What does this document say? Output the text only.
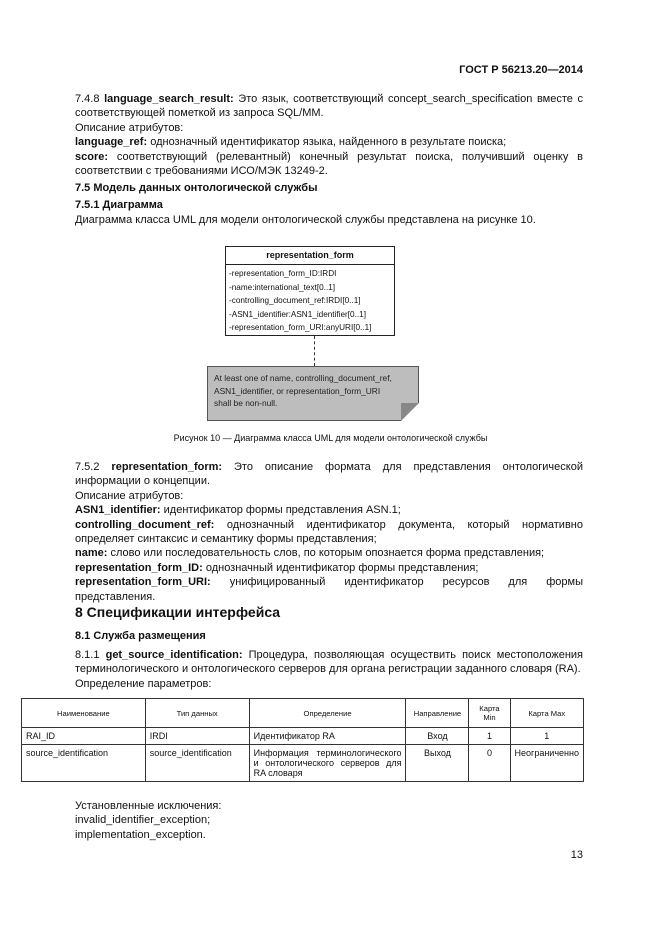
ГОСТ Р 56213.20—2014
7.4.8 language_search_result: Это язык, соответствующий concept_search_specification вместе с соответствующей пометкой из запроса SQL/MM.
Описание атрибутов:
language_ref: однозначный идентификатор языка, найденного в результате поиска;
score: соответствующий (релевантный) конечный результат поиска, получивший оценку в соответствии с требованиями ИСО/МЭК 13249-2.
7.5 Модель данных онтологической службы
7.5.1 Диаграмма
Диаграмма класса UML для модели онтологической службы представлена на рисунке 10.
representation_form
-representation_form_ID:IRDI
-name:international_text[0..1]
-controlling_document_ref:IRDI[0..1]
-ASN1_identifier:ASN1_identifier[0..1]
-representation_form_URI:anyURI[0..1]
At least one of name, controlling_document_ref,
ASN1_identifier, or representation_form_URI
shall be non-null.
Рисунок 10 — Диаграмма класса UML для модели онтологической службы
7.5.2 representation_form: Это описание формата для представления онтологической информации о концепции.
Описание атрибутов:
ASN1_identifier: идентификатор формы представления ASN.1;
controlling_document_ref: однозначный идентификатор документа, который нормативно определяет синтаксис и семантику формы представления;
name: слово или последовательность слов, по которым опознается форма представления;
representation_form_ID: однозначный идентификатор формы представления;
representation_form_URI: унифицированный идентификатор ресурсов для формы представления.
8 Спецификации интерфейса
8.1 Служба размещения
8.1.1 get_source_identification: Процедура, позволяющая осуществить поиск местоположения терминологического и онтологического серверов для органа регистрации заданного словаря (RA).
Определение параметров:
Наименование	Тип данных	Определение	Направление	Карта Min	Карта Max
RAI_ID	IRDI	Идентификатор RA	Вход	1	1
source_identification	source_identification	Информация терминологического и онтологического серверов для RA словаря	Выход	0	Неограниченно
Установленные исключения:
invalid_identifier_exception;
implementation_exception.
13
